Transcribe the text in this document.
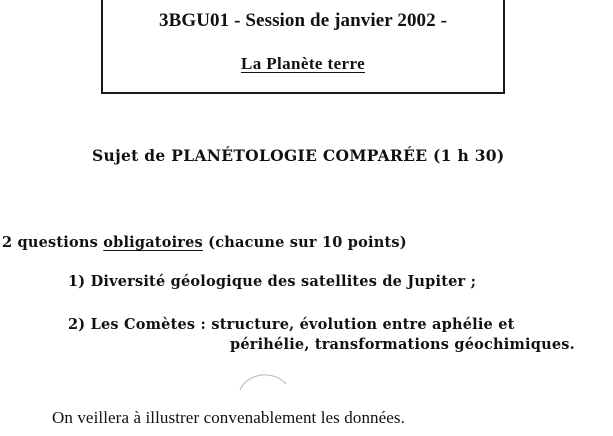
3BGU01 - Session de janvier 2002 -
La Planète terre
Sujet de PLANÉTOLOGIE COMPARÉE (1 h 30)
2 questions obligatoires (chacune sur 10 points)
1) Diversité géologique des satellites de Jupiter ;
2) Les Comètes : structure, évolution entre aphélie et
périhélie, transformations géochimiques.
On veillera à illustrer convenablement les données.
